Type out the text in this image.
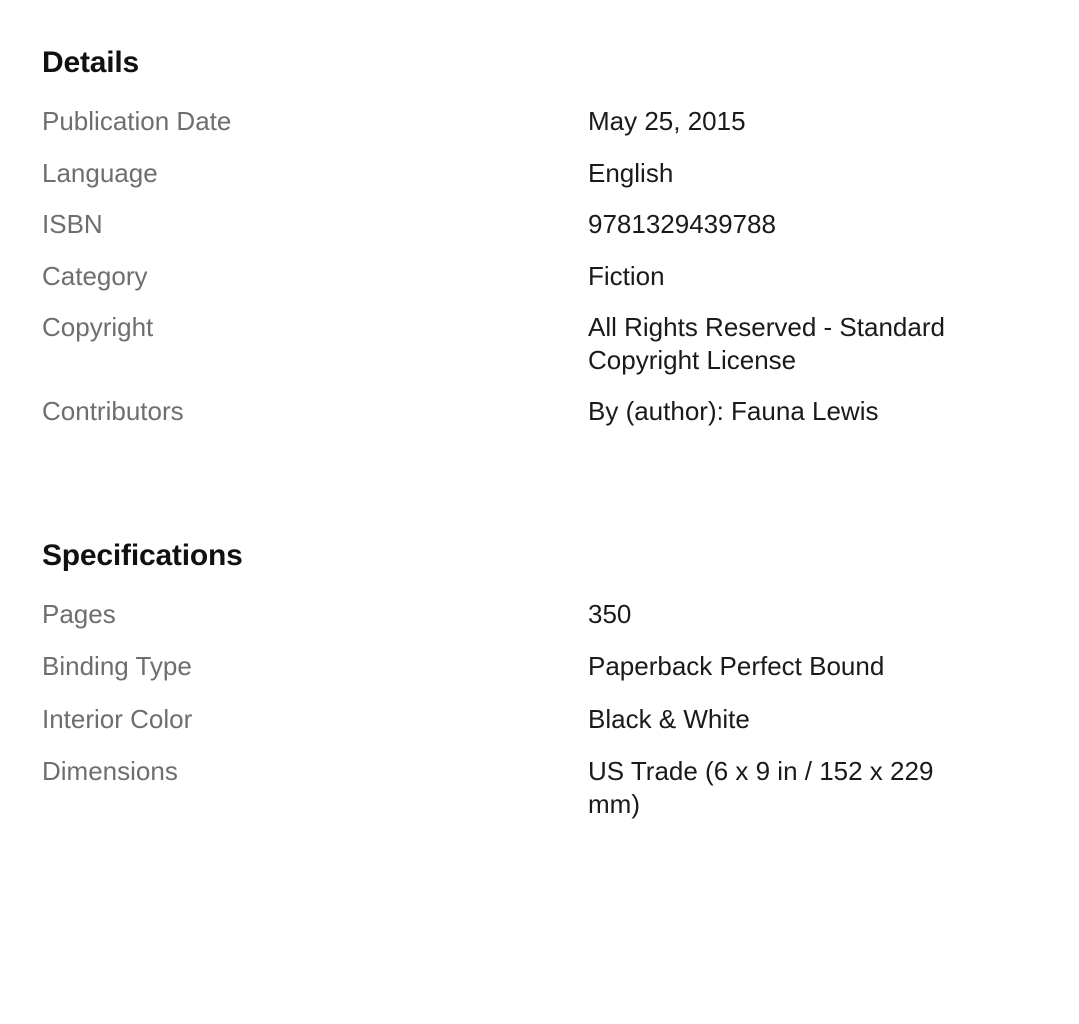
Details
Publication Date	May 25, 2015
Language	English
ISBN	9781329439788
Category	Fiction
Copyright	All Rights Reserved - Standard Copyright License
Contributors	By (author): Fauna Lewis
Specifications
Pages	350
Binding Type	Paperback Perfect Bound
Interior Color	Black & White
Dimensions	US Trade (6 x 9 in / 152 x 229 mm)
